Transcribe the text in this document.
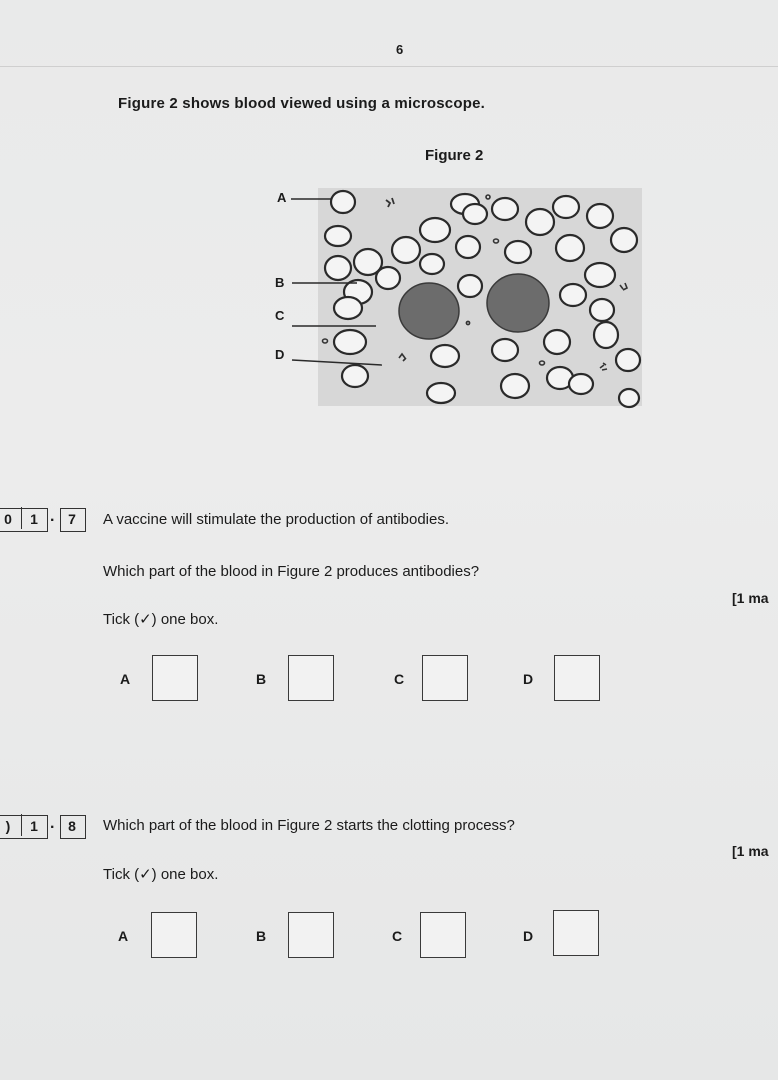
6
Figure 2 shows blood viewed using a microscope.
Figure 2
A
B
C
D
0	1 . 7	A vaccine will stimulate the production of antibodies.
Which part of the blood in Figure 2 produces antibodies?
[1 ma
Tick (✓) one box.
A	B	C	D
)	1 . 8	Which part of the blood in Figure 2 starts the clotting process?
[1 ma
Tick (✓) one box.
A	B	C	D
